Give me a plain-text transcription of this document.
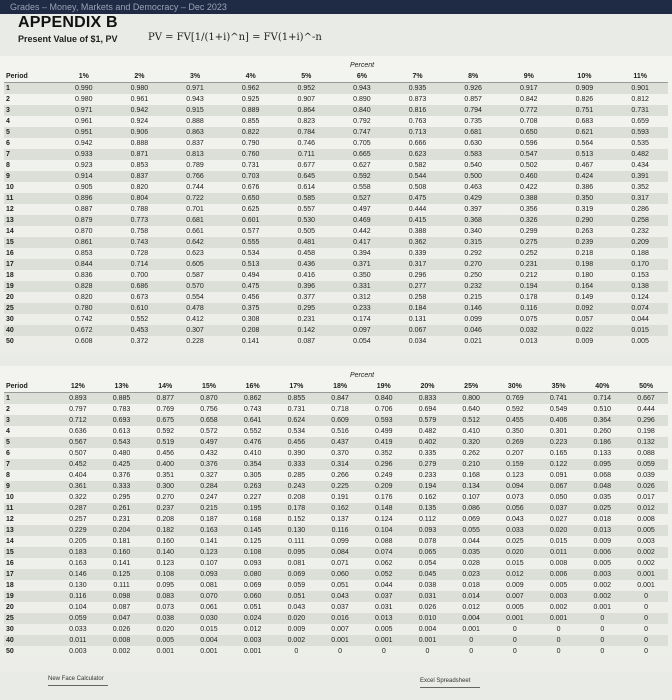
Grades – Money, Markets and Democracy – Dec 2023
APPENDIX B
Present Value of $1, PV	PV = FV[1/(1+i)^n] = FV(1+i)^-n
	Percent										
Period	1%	2%	3%	4%	5%	6%	7%	8%	9%	10%	11%
1	0.990	0.980	0.971	0.962	0.952	0.943	0.935	0.926	0.917	0.909	0.901
2	0.980	0.961	0.943	0.925	0.907	0.890	0.873	0.857	0.842	0.826	0.812
3	0.971	0.942	0.915	0.889	0.864	0.840	0.816	0.794	0.772	0.751	0.731
4	0.961	0.924	0.888	0.855	0.823	0.792	0.763	0.735	0.708	0.683	0.659
5	0.951	0.906	0.863	0.822	0.784	0.747	0.713	0.681	0.650	0.621	0.593
6	0.942	0.888	0.837	0.790	0.746	0.705	0.666	0.630	0.596	0.564	0.535
7	0.933	0.871	0.813	0.760	0.711	0.665	0.623	0.583	0.547	0.513	0.482
8	0.923	0.853	0.789	0.731	0.677	0.627	0.582	0.540	0.502	0.467	0.434
9	0.914	0.837	0.766	0.703	0.645	0.592	0.544	0.500	0.460	0.424	0.391
10	0.905	0.820	0.744	0.676	0.614	0.558	0.508	0.463	0.422	0.386	0.352
11	0.896	0.804	0.722	0.650	0.585	0.527	0.475	0.429	0.388	0.350	0.317
12	0.887	0.788	0.701	0.625	0.557	0.497	0.444	0.397	0.356	0.319	0.286
13	0.879	0.773	0.681	0.601	0.530	0.469	0.415	0.368	0.326	0.290	0.258
14	0.870	0.758	0.661	0.577	0.505	0.442	0.388	0.340	0.299	0.263	0.232
15	0.861	0.743	0.642	0.555	0.481	0.417	0.362	0.315	0.275	0.239	0.209
16	0.853	0.728	0.623	0.534	0.458	0.394	0.339	0.292	0.252	0.218	0.188
17	0.844	0.714	0.605	0.513	0.436	0.371	0.317	0.270	0.231	0.198	0.170
18	0.836	0.700	0.587	0.494	0.416	0.350	0.296	0.250	0.212	0.180	0.153
19	0.828	0.686	0.570	0.475	0.396	0.331	0.277	0.232	0.194	0.164	0.138
20	0.820	0.673	0.554	0.456	0.377	0.312	0.258	0.215	0.178	0.149	0.124
25	0.780	0.610	0.478	0.375	0.295	0.233	0.184	0.146	0.116	0.092	0.074
30	0.742	0.552	0.412	0.308	0.231	0.174	0.131	0.099	0.075	0.057	0.044
40	0.672	0.453	0.307	0.208	0.142	0.097	0.067	0.046	0.032	0.022	0.015
50	0.608	0.372	0.228	0.141	0.087	0.054	0.034	0.021	0.013	0.009	0.005
	Percent													
Period	12%	13%	14%	15%	16%	17%	18%	19%	20%	25%	30%	35%	40%	50%
1	0.893	0.885	0.877	0.870	0.862	0.855	0.847	0.840	0.833	0.800	0.769	0.741	0.714	0.667
2	0.797	0.783	0.769	0.756	0.743	0.731	0.718	0.706	0.694	0.640	0.592	0.549	0.510	0.444
3	0.712	0.693	0.675	0.658	0.641	0.624	0.609	0.593	0.579	0.512	0.455	0.406	0.364	0.296
4	0.636	0.613	0.592	0.572	0.552	0.534	0.516	0.499	0.482	0.410	0.350	0.301	0.260	0.198
5	0.567	0.543	0.519	0.497	0.476	0.456	0.437	0.419	0.402	0.320	0.269	0.223	0.186	0.132
6	0.507	0.480	0.456	0.432	0.410	0.390	0.370	0.352	0.335	0.262	0.207	0.165	0.133	0.088
7	0.452	0.425	0.400	0.376	0.354	0.333	0.314	0.296	0.279	0.210	0.159	0.122	0.095	0.059
8	0.404	0.376	0.351	0.327	0.305	0.285	0.266	0.249	0.233	0.168	0.123	0.091	0.068	0.039
9	0.361	0.333	0.300	0.284	0.263	0.243	0.225	0.209	0.194	0.134	0.094	0.067	0.048	0.026
10	0.322	0.295	0.270	0.247	0.227	0.208	0.191	0.176	0.162	0.107	0.073	0.050	0.035	0.017
11	0.287	0.261	0.237	0.215	0.195	0.178	0.162	0.148	0.135	0.086	0.056	0.037	0.025	0.012
12	0.257	0.231	0.208	0.187	0.168	0.152	0.137	0.124	0.112	0.069	0.043	0.027	0.018	0.008
13	0.229	0.204	0.182	0.163	0.145	0.130	0.116	0.104	0.093	0.055	0.033	0.020	0.013	0.005
14	0.205	0.181	0.160	0.141	0.125	0.111	0.099	0.088	0.078	0.044	0.025	0.015	0.009	0.003
15	0.183	0.160	0.140	0.123	0.108	0.095	0.084	0.074	0.065	0.035	0.020	0.011	0.006	0.002
16	0.163	0.141	0.123	0.107	0.093	0.081	0.071	0.062	0.054	0.028	0.015	0.008	0.005	0.002
17	0.146	0.125	0.108	0.093	0.080	0.069	0.060	0.052	0.045	0.023	0.012	0.006	0.003	0.001
18	0.130	0.111	0.095	0.081	0.069	0.059	0.051	0.044	0.038	0.018	0.009	0.005	0.002	0.001
19	0.116	0.098	0.083	0.070	0.060	0.051	0.043	0.037	0.031	0.014	0.007	0.003	0.002	0
20	0.104	0.087	0.073	0.061	0.051	0.043	0.037	0.031	0.026	0.012	0.005	0.002	0.001	0
25	0.059	0.047	0.038	0.030	0.024	0.020	0.016	0.013	0.010	0.004	0.001	0.001	0	0
30	0.033	0.026	0.020	0.015	0.012	0.009	0.007	0.005	0.004	0.001	0	0	0	0
40	0.011	0.008	0.005	0.004	0.003	0.002	0.001	0.001	0.001	0	0	0	0	0
50	0.003	0.002	0.001	0.001	0.001	0	0	0	0	0	0	0	0	0
New Face Calculator	Excel Spreadsheet
